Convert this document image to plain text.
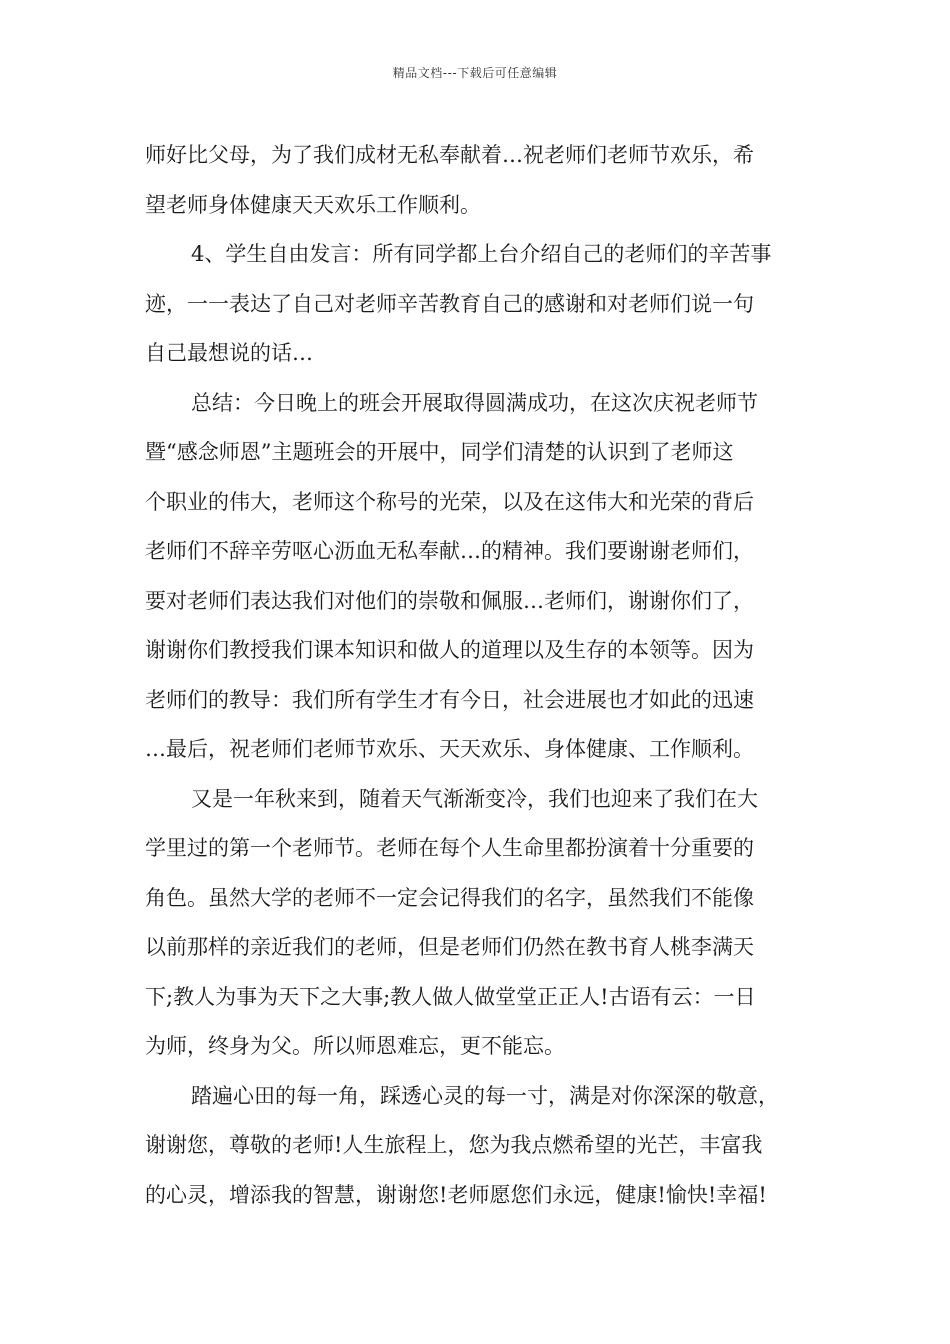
精品文档---下载后可任意编辑

师好比父母，为了我们成材无私奉献着…祝老师们老师节欢乐，希
望老师身体健康天天欢乐工作顺利。

4、学生自由发言：所有同学都上台介绍自己的老师们的辛苦事
迹，一一表达了自己对老师辛苦教育自己的感谢和对老师们说一句
自己最想说的话…

总结：今日晚上的班会开展取得圆满成功，在这次庆祝老师节
暨“感念师恩”主题班会的开展中，同学们清楚的认识到了老师这
个职业的伟大，老师这个称号的光荣，以及在这伟大和光荣的背后
老师们不辞辛劳呕心沥血无私奉献…的精神。我们要谢谢老师们，
要对老师们表达我们对他们的崇敬和佩服…老师们，谢谢你们了，
谢谢你们教授我们课本知识和做人的道理以及生存的本领等。因为
老师们的教导：我们所有学生才有今日，社会进展也才如此的迅速
…最后，祝老师们老师节欢乐、天天欢乐、身体健康、工作顺利。

又是一年秋来到，随着天气渐渐变冷，我们也迎来了我们在大
学里过的第一个老师节。老师在每个人生命里都扮演着十分重要的
角色。虽然大学的老师不一定会记得我们的名字，虽然我们不能像
以前那样的亲近我们的老师，但是老师们仍然在教书育人桃李满天
下;教人为事为天下之大事;教人做人做堂堂正正人!古语有云：一日
为师，终身为父。所以师恩难忘，更不能忘。

踏遍心田的每一角，踩透心灵的每一寸，满是对你深深的敬意，
谢谢您，尊敬的老师!人生旅程上，您为我点燃希望的光芒，丰富我
的心灵，增添我的智慧，谢谢您!老师愿您们永远，健康!愉快!幸福!
